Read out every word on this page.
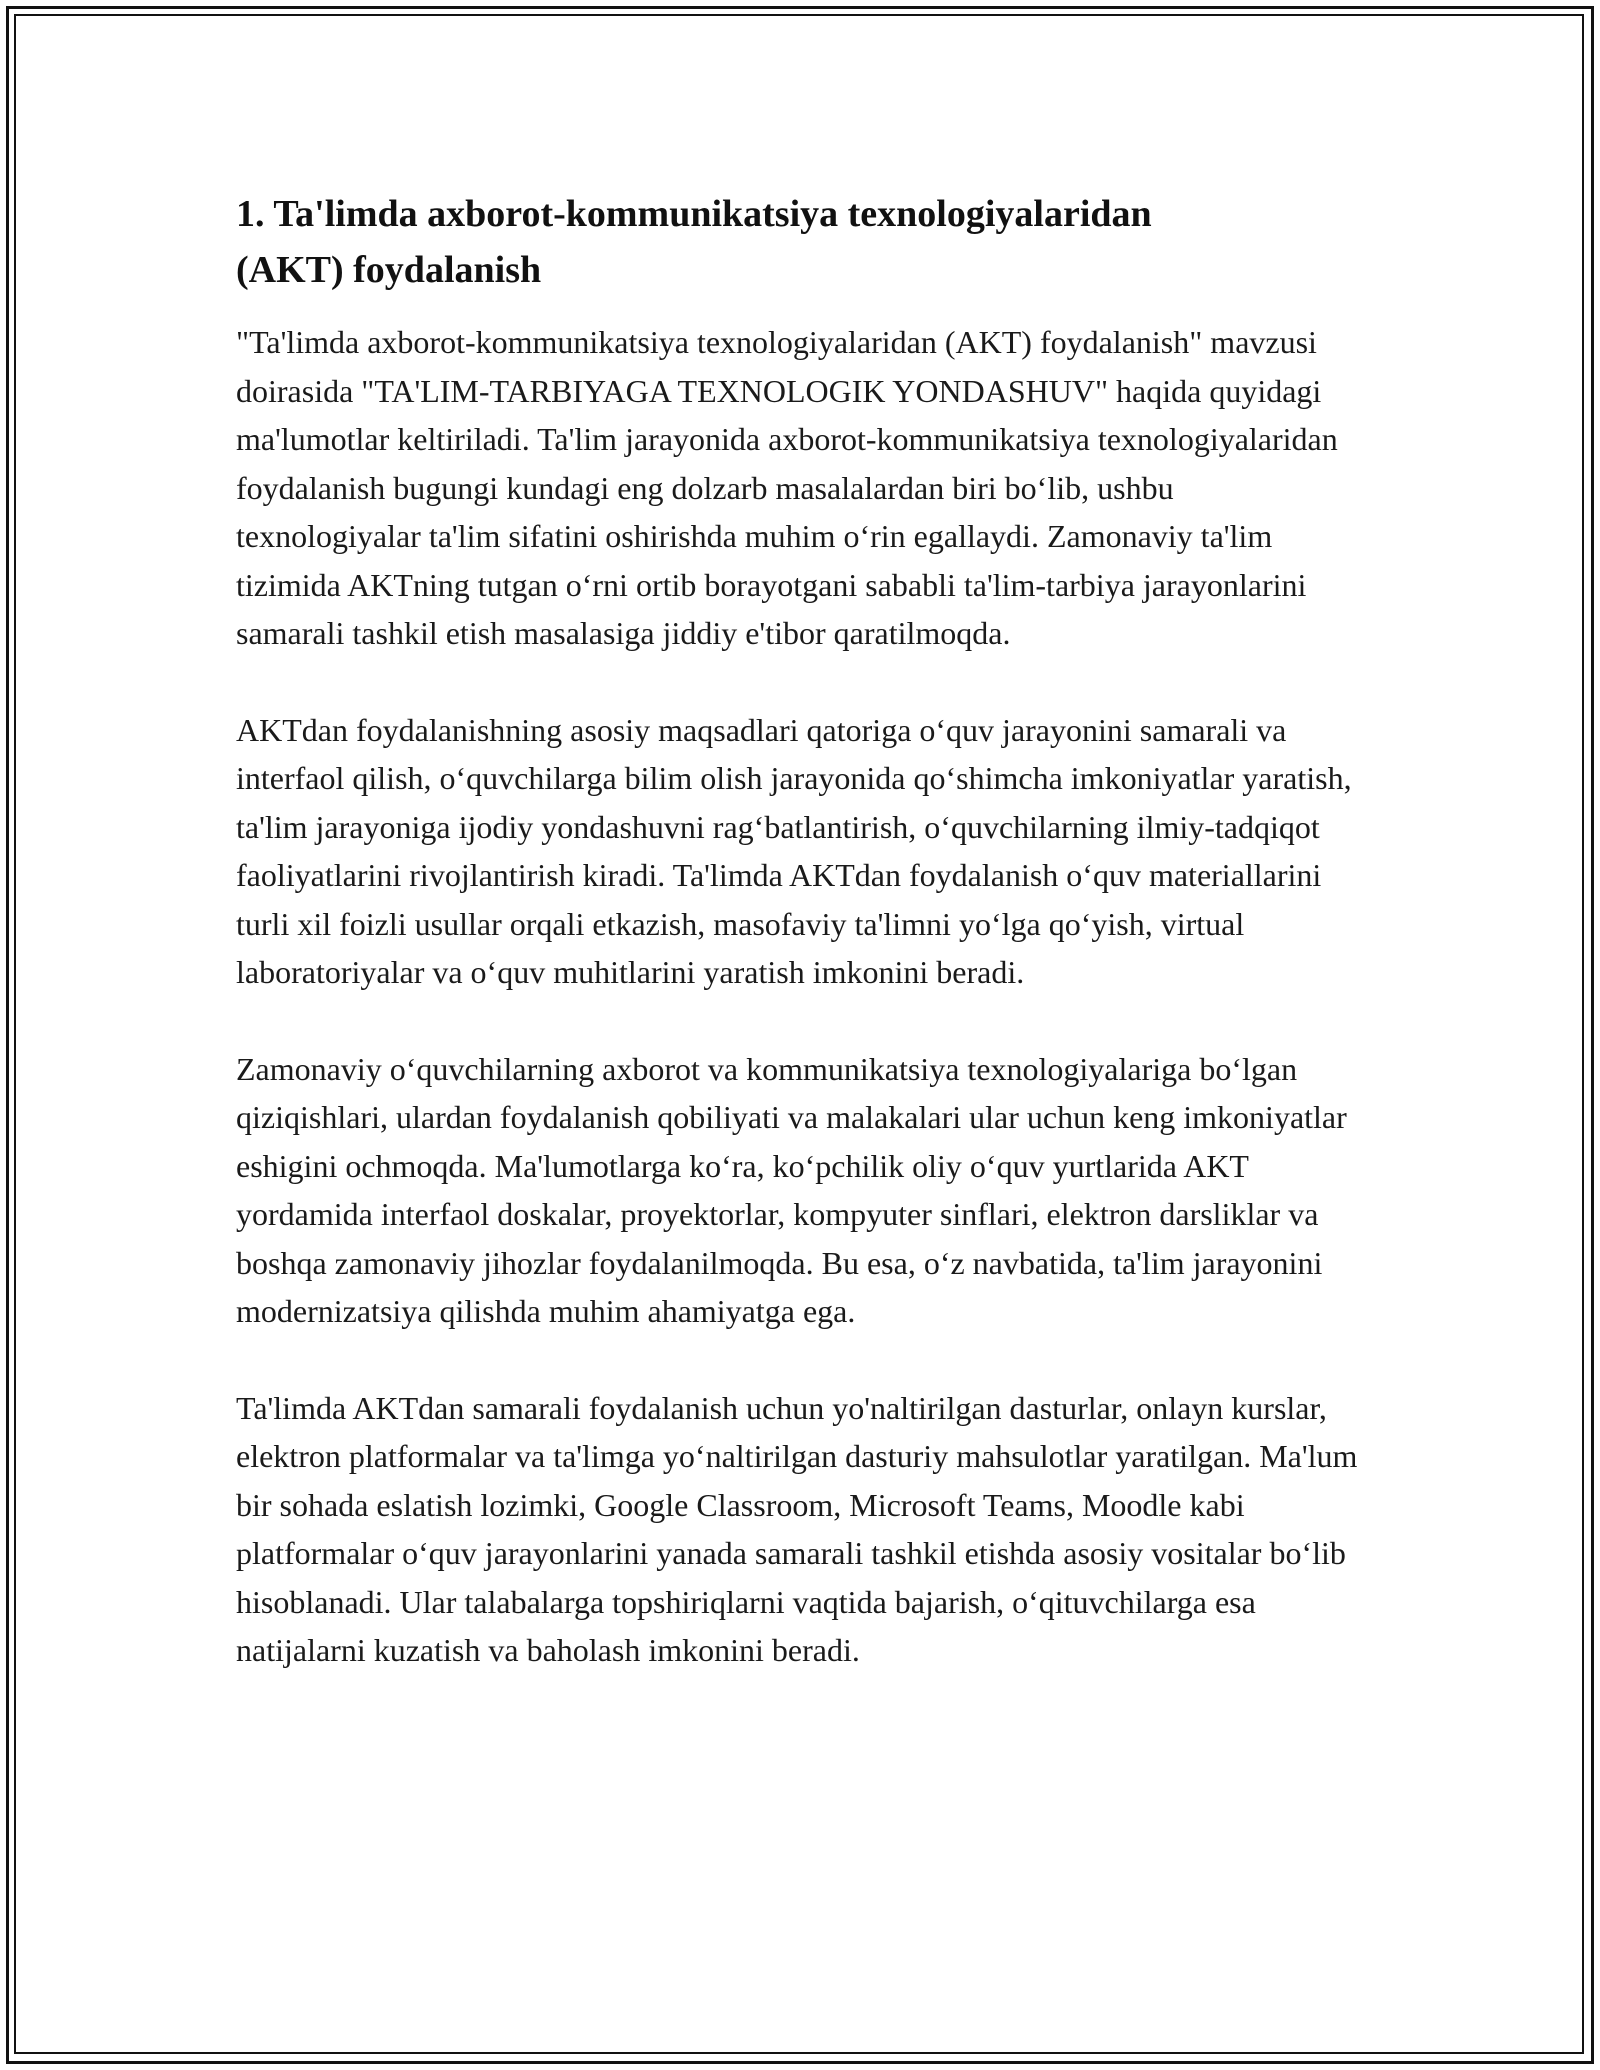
1. Ta'limda axborot-kommunikatsiya texnologiyalaridan
(AKT) foydalanish

"Ta'limda axborot-kommunikatsiya texnologiyalaridan (AKT) foydalanish" mavzusi doirasida "TA'LIM-TARBIYAGA TEXNOLOGIK YONDASHUV" haqida quyidagi ma'lumotlar keltiriladi. Ta'lim jarayonida axborot-kommunikatsiya texnologiyalaridan foydalanish bugungi kundagi eng dolzarb masalalardan biri bo‘lib, ushbu texnologiyalar ta'lim sifatini oshirishda muhim o‘rin egallaydi. Zamonaviy ta'lim tizimida AKTning tutgan o‘rni ortib borayotgani sababli ta'lim-tarbiya jarayonlarini samarali tashkil etish masalasiga jiddiy e'tibor qaratilmoqda.

AKTdan foydalanishning asosiy maqsadlari qatoriga o‘quv jarayonini samarali va interfaol qilish, o‘quvchilarga bilim olish jarayonida qo‘shimcha imkoniyatlar yaratish, ta'lim jarayoniga ijodiy yondashuvni rag‘batlantirish, o‘quvchilarning ilmiy-tadqiqot faoliyatlarini rivojlantirish kiradi. Ta'limda AKTdan foydalanish o‘quv materiallarini turli xil foizli usullar orqali etkazish, masofaviy ta'limni yo‘lga qo‘yish, virtual laboratoriyalar va o‘quv muhitlarini yaratish imkonini beradi.

Zamonaviy o‘quvchilarning axborot va kommunikatsiya texnologiyalariga bo‘lgan qiziqishlari, ulardan foydalanish qobiliyati va malakalari ular uchun keng imkoniyatlar eshigini ochmoqda. Ma'lumotlarga ko‘ra, ko‘pchilik oliy o‘quv yurtlarida AKT yordamida interfaol doskalar, proyektorlar, kompyuter sinflari, elektron darsliklar va boshqa zamonaviy jihozlar foydalanilmoqda. Bu esa, o‘z navbatida, ta'lim jarayonini modernizatsiya qilishda muhim ahamiyatga ega.

Ta'limda AKTdan samarali foydalanish uchun yo'naltirilgan dasturlar, onlayn kurslar, elektron platformalar va ta'limga yo‘naltirilgan dasturiy mahsulotlar yaratilgan. Ma'lum bir sohada eslatish lozimki, Google Classroom, Microsoft Teams, Moodle kabi platformalar o‘quv jarayonlarini yanada samarali tashkil etishda asosiy vositalar bo‘lib hisoblanadi. Ular talabalarga topshiriqlarni vaqtida bajarish, o‘qituvchilarga esa natijalarni kuzatish va baholash imkonini beradi.
